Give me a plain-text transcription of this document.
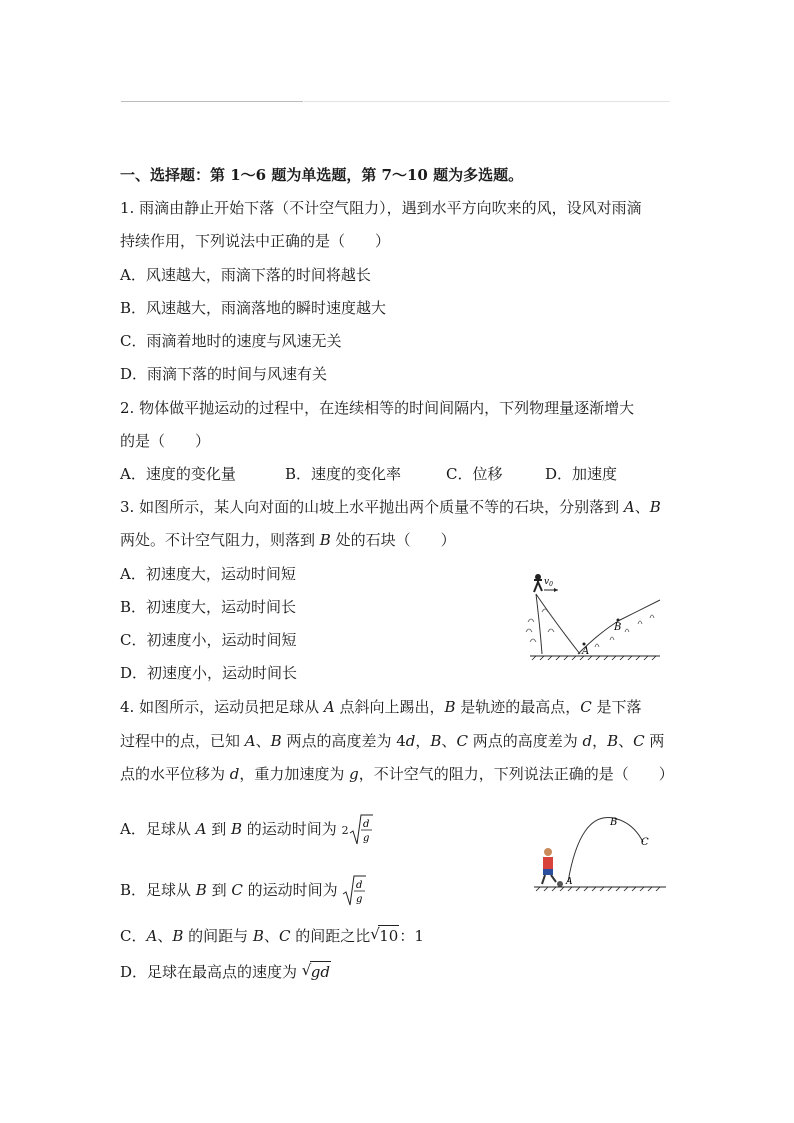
一、选择题：第 1～6 题为单选题，第 7～10 题为多选题。
1. 雨滴由静止开始下落（不计空气阻力），遇到水平方向吹来的风，设风对雨滴
持续作用，下列说法中正确的是（　　）
A．风速越大，雨滴下落的时间将越长
B．风速越大，雨滴落地的瞬时速度越大
C．雨滴着地时的速度与风速无关
D．雨滴下落的时间与风速有关
2. 物体做平抛运动的过程中，在连续相等的时间间隔内，下列物理量逐渐增大
的是（　　）
A．速度的变化量	B．速度的变化率	C．位移	D．加速度
3. 如图所示，某人向对面的山坡上水平抛出两个质量不等的石块，分别落到 A、B
两处。不计空气阻力，则落到 B 处的石块（　　）
A．初速度大，运动时间短
B．初速度大，运动时间长
C．初速度小，运动时间短
D．初速度小，运动时间长
$v_0$
A
B
4. 如图所示，运动员把足球从 A 点斜向上踢出，B 是轨迹的最高点，C 是下落
过程中的点，已知 A、B 两点的高度差为 4d，B、C 两点的高度差为 d，B、C 两
点的水平位移为 d，重力加速度为 g，不计空气的阻力，下列说法正确的是（　　）
A．足球从 A 到 B 的运动时间为 2 d
g
B．足球从 B 到 C 的运动时间为 d
g
C．A、B 的间距与 B、C 的间距之比 √ 10：1
D．足球在最高点的速度为 √ gd
A
B
C
